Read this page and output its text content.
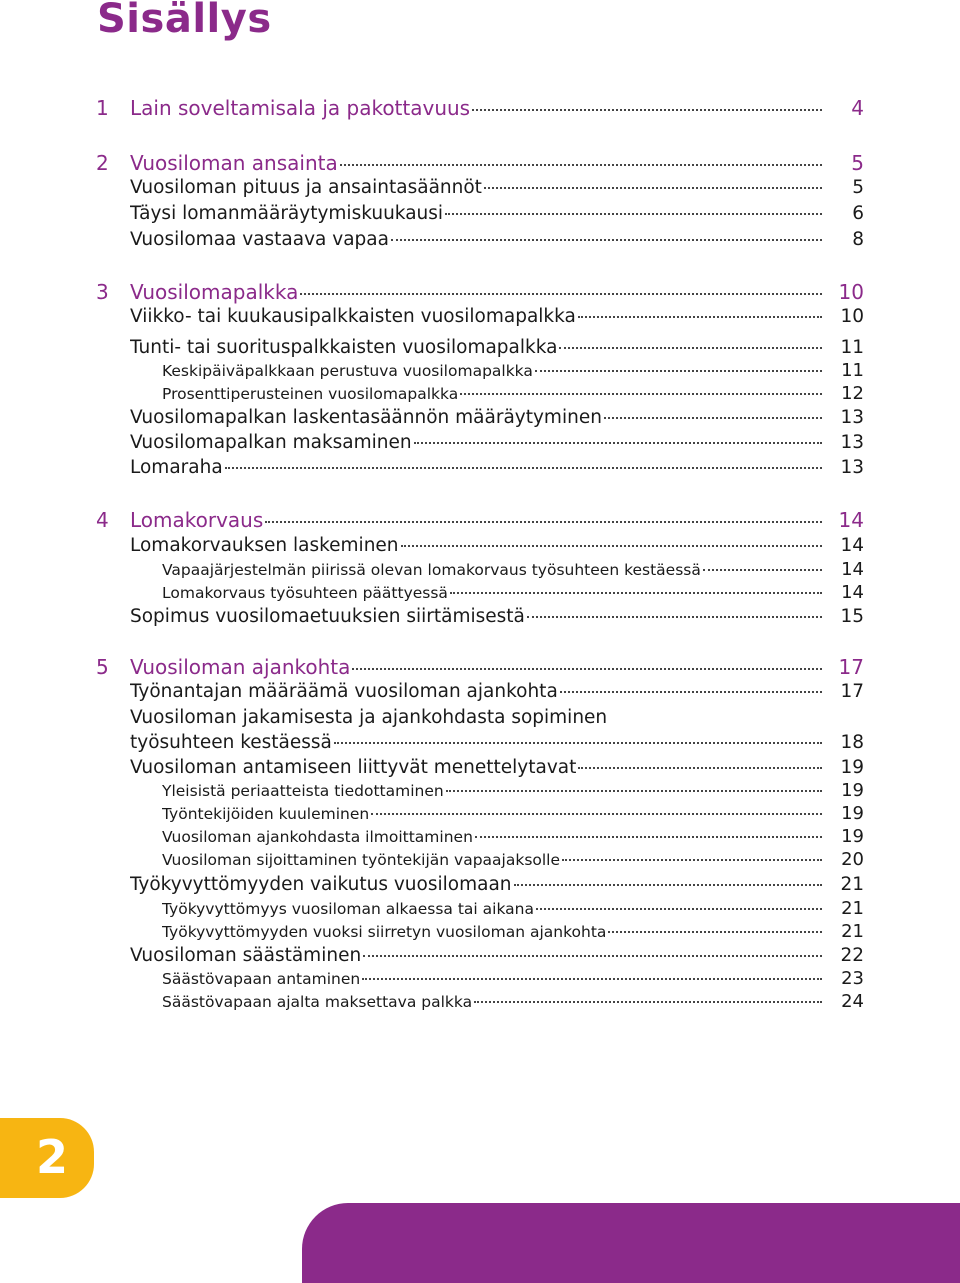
Sisällys
1	Lain soveltamisala ja pakottavuus	4
2	Vuosiloman ansainta	5
Vuosiloman pituus ja ansaintasäännöt	5
Täysi lomanmääräytymiskuukausi	6
Vuosilomaa vastaava vapaa	8
3	Vuosilomapalkka	10
Viikko- tai kuukausipalkkaisten vuosilomapalkka	10
Tunti- tai suorituspalkkaisten vuosilomapalkka	11
Keskipäiväpalkkaan perustuva vuosilomapalkka	11
Prosenttiperusteinen vuosilomapalkka	12
Vuosilomapalkan laskentasäännön määräytyminen	13
Vuosilomapalkan maksaminen	13
Lomaraha	13
4	Lomakorvaus	14
Lomakorvauksen laskeminen	14
Vapaajärjestelmän piirissä olevan lomakorvaus työsuhteen kestäessä	14
Lomakorvaus työsuhteen päättyessä	14
Sopimus vuosilomaetuuksien siirtämisestä	15
5	Vuosiloman ajankohta	17
Työnantajan määräämä vuosiloman ajankohta	17
Vuosiloman jakamisesta ja ajankohdasta sopiminen
työsuhteen kestäessä	18
Vuosiloman antamiseen liittyvät menettelytavat	19
Yleisistä periaatteista tiedottaminen	19
Työntekijöiden kuuleminen	19
Vuosiloman ajankohdasta ilmoittaminen	19
Vuosiloman sijoittaminen työntekijän vapaajaksolle	20
Työkyvyttömyyden vaikutus vuosilomaan	21
Työkyvyttömyys vuosiloman alkaessa tai aikana	21
Työkyvyttömyyden vuoksi siirretyn vuosiloman ajankohta	21
Vuosiloman säästäminen	22
Säästövapaan antaminen	23
Säästövapaan ajalta maksettava palkka	24
2
